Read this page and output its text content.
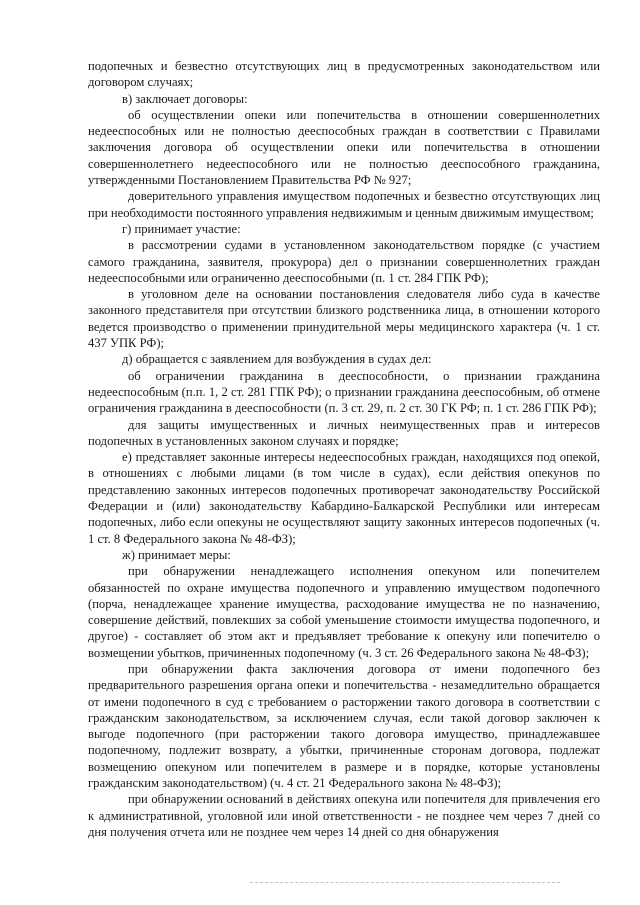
подопечных и безвестно отсутствующих лиц в предусмотренных законодательством или договором случаях;

в) заключает договоры:

об осуществлении опеки или попечительства в отношении совершеннолетних недееспособных или не полностью дееспособных граждан в соответствии с Правилами заключения договора об осуществлении опеки или попечительства в отношении совершеннолетнего недееспособного или не полностью дееспособного гражданина, утвержденными Постановлением Правительства РФ № 927;

доверительного управления имуществом подопечных и безвестно отсутствующих лиц при необходимости постоянного управления недвижимым и ценным движимым имуществом;

г) принимает участие:

в рассмотрении судами в установленном законодательством порядке (с участием самого гражданина, заявителя, прокурора) дел о признании совершеннолетних граждан недееспособными или ограниченно дееспособными (п. 1 ст. 284 ГПК РФ);

в уголовном деле на основании постановления следователя либо суда в качестве законного представителя при отсутствии близкого родственника лица, в отношении которого ведется производство о применении принудительной меры медицинского характера (ч. 1 ст. 437 УПК РФ);

д) обращается с заявлением для возбуждения в судах дел:

об ограничении гражданина в дееспособности, о признании гражданина недееспособным (п.п. 1, 2 ст. 281 ГПК РФ); о признании гражданина дееспособным, об отмене ограничения гражданина в дееспособности (п. 3 ст. 29, п. 2 ст. 30 ГК РФ; п. 1 ст. 286 ГПК РФ);

для защиты имущественных и личных неимущественных прав и интересов подопечных в установленных законом случаях и порядке;

е) представляет законные интересы недееспособных граждан, находящихся под опекой, в отношениях с любыми лицами (в том числе в судах), если действия опекунов по представлению законных интересов подопечных противоречат законодательству Российской Федерации и (или) законодательству Кабардино-Балкарской Республики или интересам подопечных, либо если опекуны не осуществляют защиту законных интересов подопечных (ч. 1 ст. 8 Федерального закона № 48-ФЗ);

ж) принимает меры:

при обнаружении ненадлежащего исполнения опекуном или попечителем обязанностей по охране имущества подопечного и управлению имуществом подопечного (порча, ненадлежащее хранение имущества, расходование имущества не по назначению, совершение действий, повлекших за собой уменьшение стоимости имущества подопечного, и другое) - составляет об этом акт и предъявляет требование к опекуну или попечителю о возмещении убытков, причиненных подопечному (ч. 3 ст. 26 Федерального закона № 48-ФЗ);

при обнаружении факта заключения договора от имени подопечного без предварительного разрешения органа опеки и попечительства - незамедлительно обращается от имени подопечного в суд с требованием о расторжении такого договора в соответствии с гражданским законодательством, за исключением случая, если такой договор заключен к выгоде подопечного (при расторжении такого договора имущество, принадлежавшее подопечному, подлежит возврату, а убытки, причиненные сторонам договора, подлежат возмещению опекуном или попечителем в размере и в порядке, которые установлены гражданским законодательством) (ч. 4 ст. 21 Федерального закона № 48-ФЗ);

при обнаружении оснований в действиях опекуна или попечителя для привлечения его к административной, уголовной или иной ответственности - не позднее чем через 7 дней со дня получения отчета или не позднее чем через 14 дней со дня обнаружения
